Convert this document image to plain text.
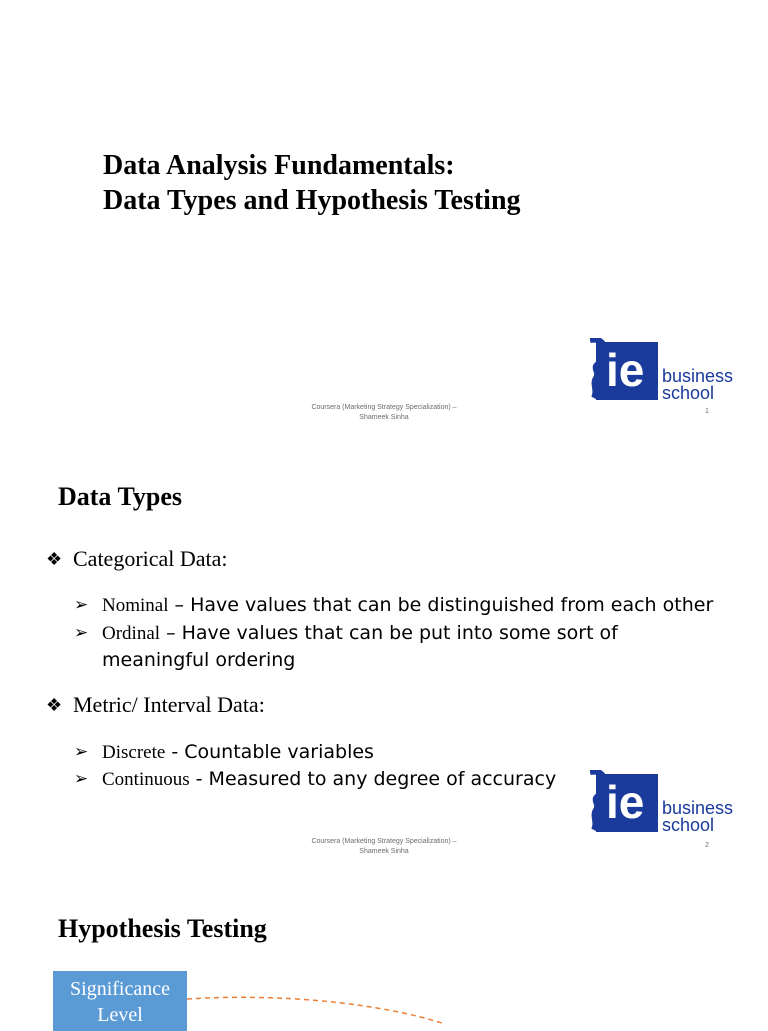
Data Analysis Fundamentals:
Data Types and Hypothesis Testing
Coursera (Marketing Strategy Specialization) –
Shameek Sinha
1
ie business
school
Data Types
❖ Categorical Data:
➢ Nominal – Have values that can be distinguished from each other
➢ Ordinal – Have values that can be put into some sort of meaningful ordering
❖ Metric/ Interval Data:
➢ Discrete - Countable variables
➢ Continuous - Measured to any degree of accuracy
Coursera (Marketing Strategy Specialization) –
Shameek Sinha
2
ie business
school
Hypothesis Testing
Significance
Level
